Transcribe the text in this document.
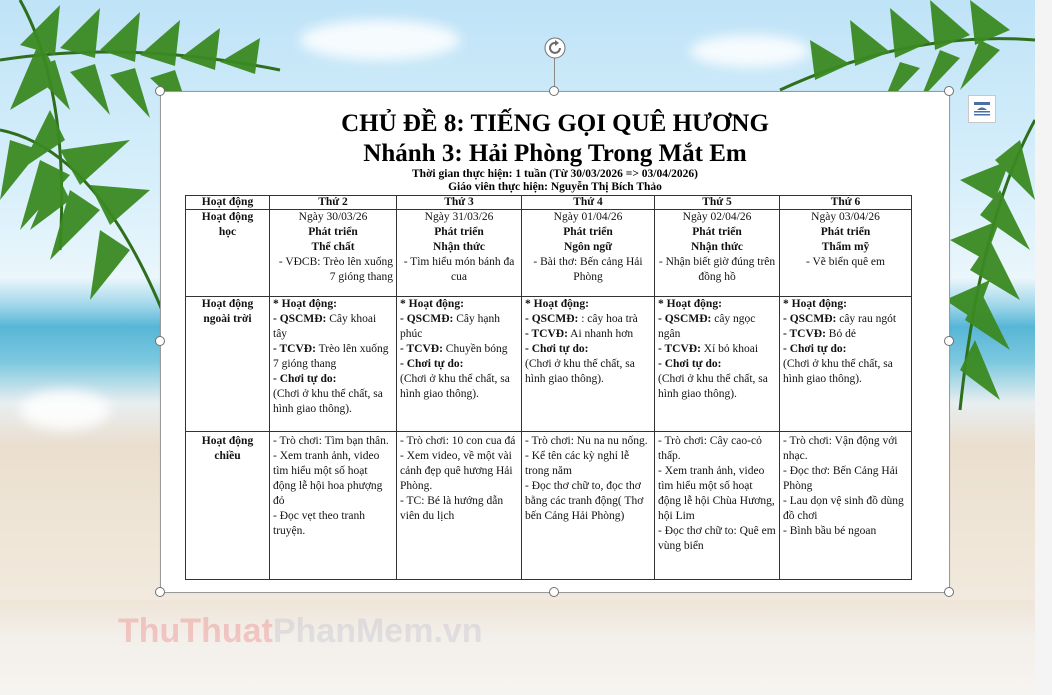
ThuThuatPhanMem.vn
CHỦ ĐỀ 8: TIẾNG GỌI QUÊ HƯƠNG
Nhánh 3: Hải Phòng Trong Mắt Em
Thời gian thực hiện: 1 tuần (Từ 30/03/2026 => 03/04/2026)
Giáo viên thực hiện: Nguyễn Thị Bích Thảo
Hoạt động	Thứ 2	Thứ 3	Thứ 4	Thứ 5	Thứ 6

Hoạt động
học	Ngày 30/03/26
Phát triển
Thể chất
- VĐCB: Trèo lên xuống 7 gióng thang	Ngày 31/03/26
Phát triển
Nhận thức
- Tìm hiểu món bánh đa cua	Ngày 01/04/26
Phát triển
Ngôn ngữ
- Bài thơ: Bến cảng Hải Phòng	Ngày 02/04/26
Phát triển
Nhận thức
- Nhận biết giờ đúng trên đồng hồ	Ngày 03/04/26
Phát triển
Thẩm mỹ
- Vẽ biển quê em

Hoạt động
ngoài trời	* Hoạt động:
- QSCMĐ: Cây khoai tây
- TCVĐ: Trèo lên xuống 7 gióng thang
- Chơi tự do:
(Chơi ở khu thể chất, sa hình giao thông).	* Hoạt động:
- QSCMĐ: Cây hạnh phúc
- TCVĐ: Chuyền bóng
- Chơi tự do:
(Chơi ở khu thể chất, sa hình giao thông).	* Hoạt động:
- QSCMĐ: : cây hoa trà
- TCVĐ: Ai nhanh hơn
- Chơi tự do:
(Chơi ở khu thể chất, sa hình giao thông).	* Hoạt động:
- QSCMĐ: cây ngọc ngân
- TCVĐ: Xỉ bỏ khoai
- Chơi tự do:
(Chơi ở khu thể chất, sa hình giao thông).	* Hoạt động:
- QSCMĐ: cây rau ngót
- TCVĐ: Bỏ dẻ
- Chơi tự do:
(Chơi ở khu thể chất, sa hình giao thông).

Hoạt động
chiều	- Trò chơi: Tìm bạn thân.
- Xem tranh ảnh, video tìm hiểu một số hoạt động lễ hội hoa phượng đỏ
- Đọc vẹt theo tranh truyện.	- Trò chơi: 10 con cua đá
- Xem video, về một vài cảnh đẹp quê hương Hải Phòng.
- TC: Bé là hướng dẫn viên du lịch	- Trò chơi: Nu na nu nống.
- Kể tên các kỳ nghỉ lễ trong năm
- Đọc thơ chữ to, đọc thơ bằng các tranh động( Thơ bến Cảng Hải Phòng)	- Trò chơi: Cây cao-cỏ thấp.
- Xem tranh ảnh, video tìm hiểu một số hoạt động lễ hội Chùa Hương, hội Lim
- Đọc thơ chữ to: Quê em vùng biển	- Trò chơi: Vận động với nhạc.
- Đọc thơ: Bến Cảng Hải Phòng
- Lau dọn vệ sinh đồ dùng đồ chơi
- Bình bầu bé ngoan
